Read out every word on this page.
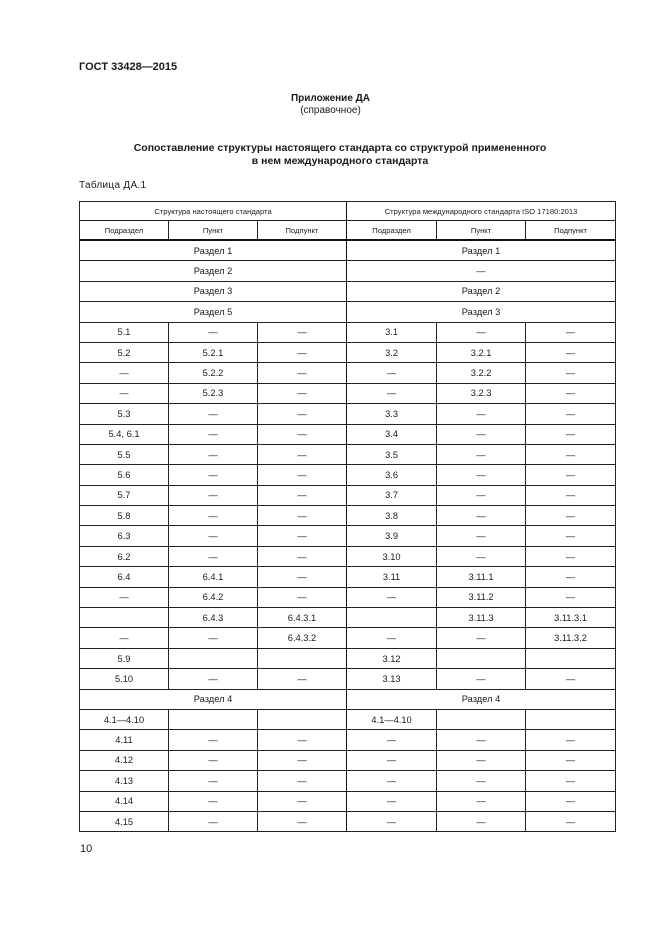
ГОСТ 33428—2015
Приложение ДА
(справочное)
Сопоставление структуры настоящего стандарта со структурой примененного
в нем международного стандарта
Таблица ДА.1
Структура настоящего стандарта			Структура международного стандарта ISO 17180:2013		
Подраздел	Пункт	Подпункт	Подраздел	Пункт	Подпункт
Раздел 1			Раздел 1		
Раздел 2			—		
Раздел 3			Раздел 2		
Раздел 5			Раздел 3		
5.1	—	—	3.1	—	—
5.2	5.2.1	—	3.2	3.2.1	—
—	5.2.2	—	—	3.2.2	—
—	5.2.3	—	—	3.2.3	—
5.3	—	—	3.3	—	—
5.4, 6.1	—	—	3.4	—	—
5.5	—	—	3.5	—	—
5.6	—	—	3.6	—	—
5.7	—	—	3.7	—	—
5.8	—	—	3.8	—	—
6.3	—	—	3.9	—	—
6.2	—	—	3.10	—	—
6.4	6.4.1	—	3.11	3.11.1	—
—	6.4.2	—	—	3.11.2	—
	6.4.3	6.4.3.1		3.11.3	3.11.3.1
—	—	6.4.3.2	—	—	3.11.3.2
5.9			3.12		
5.10	—	—	3.13	—	—
Раздел 4			Раздел 4		
4.1—4.10			4.1—4.10		
4.11	—	—	—	—	—
4.12	—	—	—	—	—
4.13	—	—	—	—	—
4.14	—	—	—	—	—
4.15	—	—	—	—	—
10
